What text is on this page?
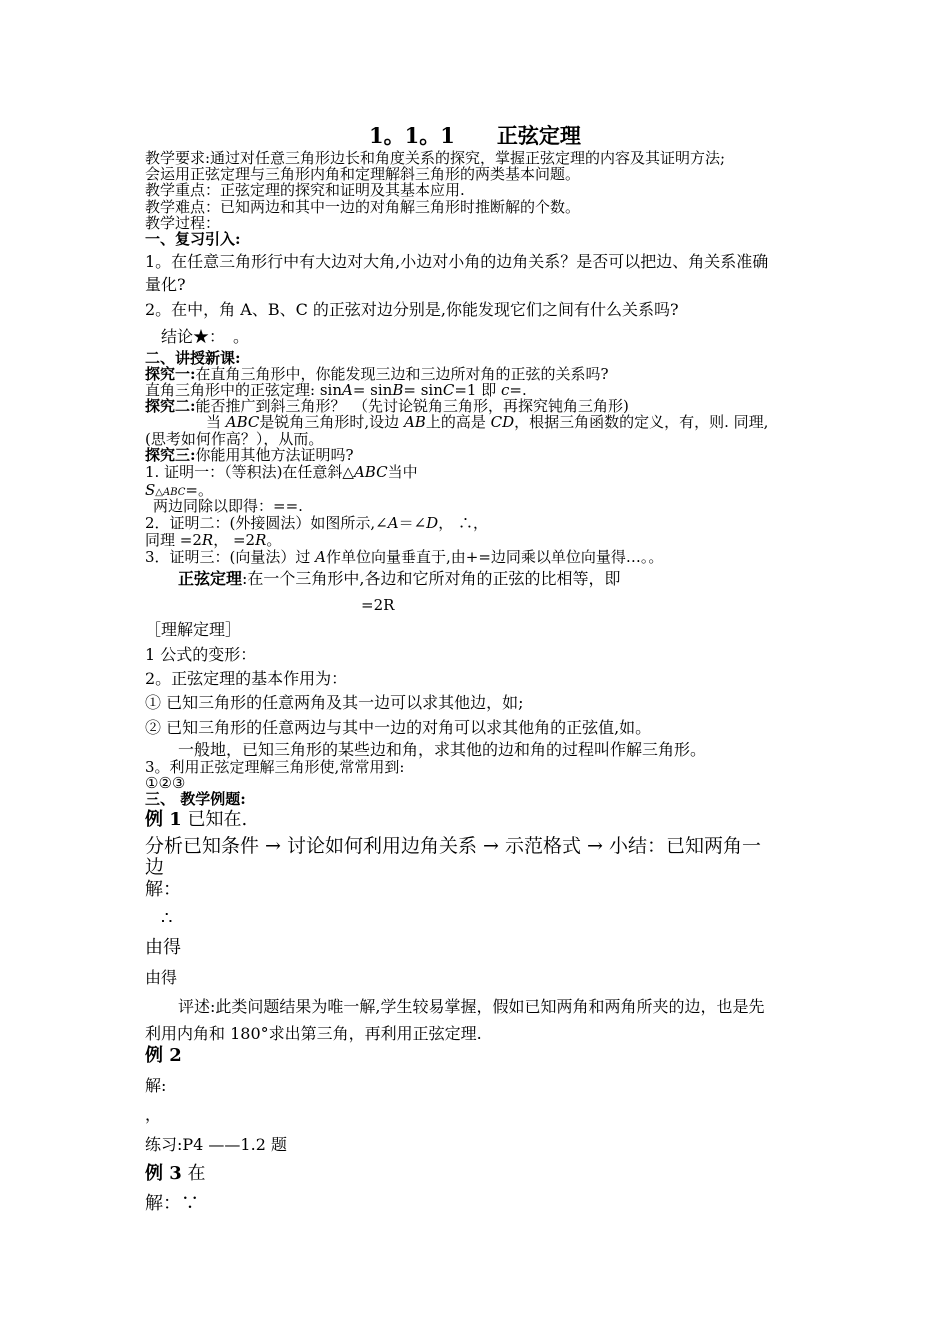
1。1。1　　正弦定理
教学要求:通过对任意三角形边长和角度关系的探究，掌握正弦定理的内容及其证明方法;
会运用正弦定理与三角形内角和定理解斜三角形的两类基本问题。
教学重点：正弦定理的探究和证明及其基本应用.
教学难点：已知两边和其中一边的对角解三角形时推断解的个数。
教学过程：
一、复习引入:
1。在任意三角形行中有大边对大角,小边对小角的边角关系？是否可以把边、角关系准确
量化?
2。在中，角 A、B、C 的正弦对边分别是,你能发现它们之间有什么关系吗?
结论★：　。
二、讲授新课:
探究一:在直角三角形中，你能发现三边和三边所对角的正弦的关系吗?
直角三角形中的正弦定理: sinA= sinB= sinC=1 即 c=.
探究二:能否推广到斜三角形？　（先讨论锐角三角形，再探究钝角三角形)
当 ABC是锐角三角形时,设边 AB上的高是 CD，根据三角函数的定义，有，则. 同理,
(思考如何作高？），从而。
探究三:你能用其他方法证明吗?
1. 证明一：（等积法)在任意斜△ABC当中
S△ABC=。
两边同除以即得：==.
2．证明二：(外接圆法）如图所示,∠A＝∠D， ∴，
同理 =2R， =2R。
3．证明三：(向量法）过 A作单位向量垂直于,由+=边同乘以单位向量得…。。
正弦定理:在一个三角形中,各边和它所对角的正弦的比相等，即
=2R
［理解定理］
1 公式的变形：
2。正弦定理的基本作用为：
① 已知三角形的任意两角及其一边可以求其他边，如;
② 已知三角形的任意两边与其中一边的对角可以求其他角的正弦值,如。
一般地，已知三角形的某些边和角，求其他的边和角的过程叫作解三角形。
3。利用正弦定理解三角形使,常常用到:
①②③
三、 教学例题:
例 1 已知在.
分析已知条件 → 讨论如何利用边角关系 → 示范格式 → 小结：已知两角一
边
解：
∴
由得
由得
评述:此类问题结果为唯一解,学生较易掌握，假如已知两角和两角所夹的边，也是先
利用内角和 180°求出第三角，再利用正弦定理.
例 2
解:
，
练习:P4 ——1.2 题
例 3 在
解：∵
